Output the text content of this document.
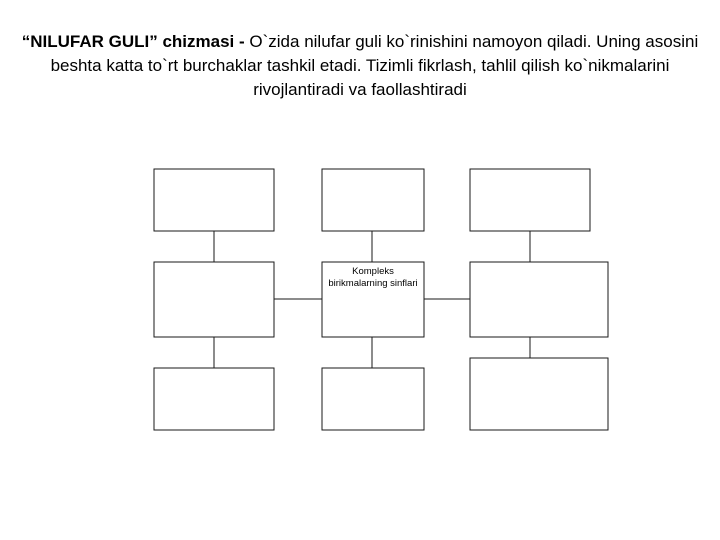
“NILUFAR GULI” chizmasi - O`zida nilufar guli ko`rinishini namoyon qiladi. Uning asosini beshta katta to`rt burchaklar tashkil etadi. Tizimli fikrlash, tahlil qilish ko`nikmalarini rivojlantiradi va faollashtiradi
Kompleks birikmalarning sinflari
